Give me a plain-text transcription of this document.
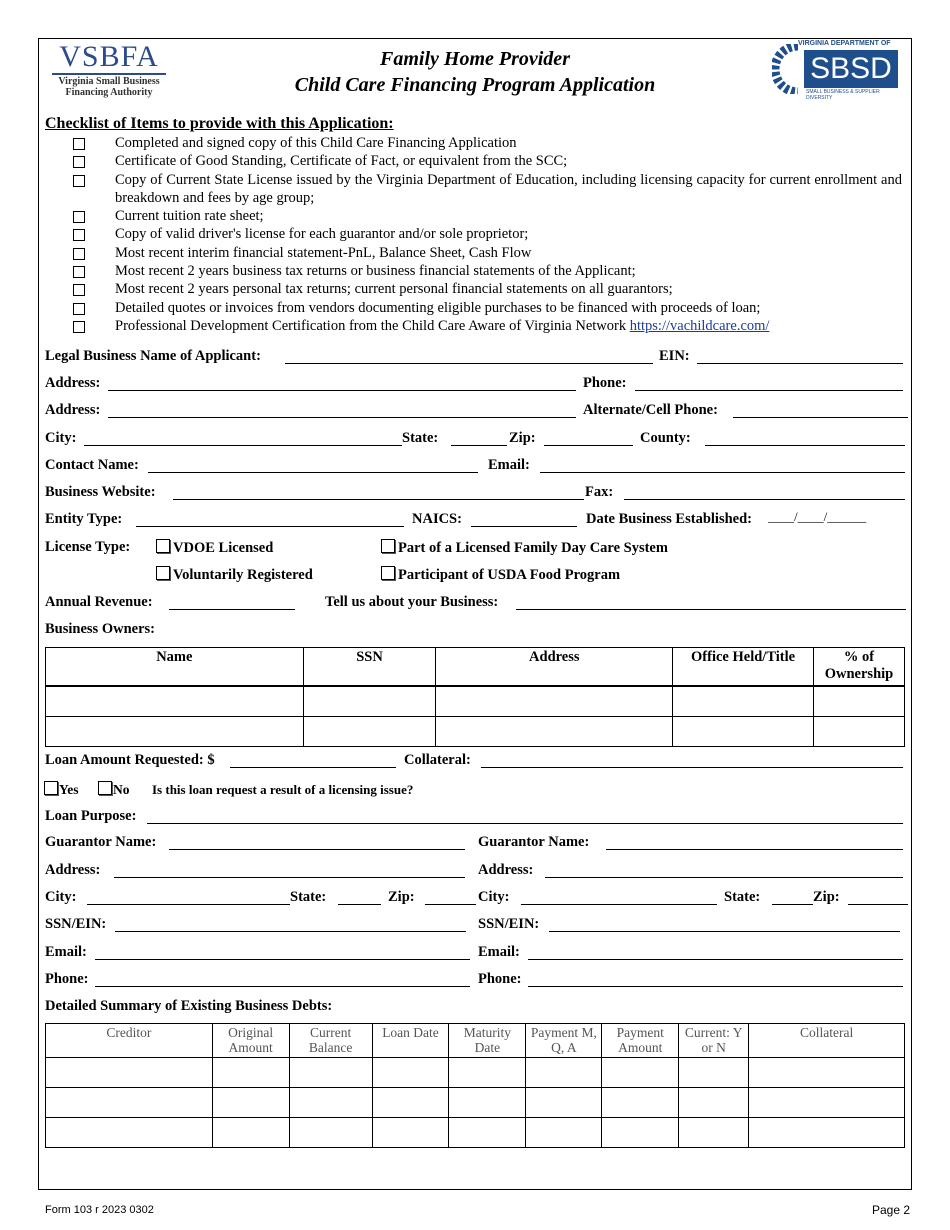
VSBFA
Virginia Small Business
Financing Authority
Family Home Provider
Child Care Financing Program Application
VIRGINIA DEPARTMENT OF
SBSD
SMALL BUSINESS & SUPPLIER DIVERSITY
Checklist of Items to provide with this Application:
Completed and signed copy of this Child Care Financing Application
Certificate of Good Standing, Certificate of Fact, or equivalent from the SCC;
Copy of Current State License issued by the Virginia Department of Education, including licensing capacity for current enrollment and breakdown and fees by age group;
Current tuition rate sheet;
Copy of valid driver's license for each guarantor and/or sole proprietor;
Most recent interim financial statement-PnL, Balance Sheet, Cash Flow
Most recent 2 years business tax returns or business financial statements of the Applicant;
Most recent 2 years personal tax returns; current personal financial statements on all guarantors;
Detailed quotes or invoices from vendors documenting eligible purchases to be financed with proceeds of loan;
Professional Development Certification from the Child Care Aware of Virginia Network https://vachildcare.com/
Legal Business Name of Applicant:	EIN:
Address:	Phone:
Address:	Alternate/Cell Phone:
City:	State:	Zip:	County:
Contact Name:	Email:
Business Website:	Fax:
Entity Type:	NAICS:	Date Business Established: ____/____/______
License Type:	VDOE Licensed	Part of a Licensed Family Day Care System
Voluntarily Registered	Participant of USDA Food Program
Annual Revenue:	Tell us about your Business:
Business Owners:
Name	SSN	Address	Office Held/Title	% of Ownership

Loan Amount Requested: $	Collateral:
Yes	No Is this loan request a result of a licensing issue?
Loan Purpose:
Guarantor Name:	Guarantor Name:
Address:	Address:
City:	State:	Zip:	City:	State:	Zip:
SSN/EIN:	SSN/EIN:
Email:	Email:
Phone:	Phone:
Detailed Summary of Existing Business Debts:
Creditor	Original Amount	Current Balance	Loan Date	Maturity Date	Payment M, Q, A	Payment Amount	Current: Y or N	Collateral

Form 103 r 2023 0302	Page 2
